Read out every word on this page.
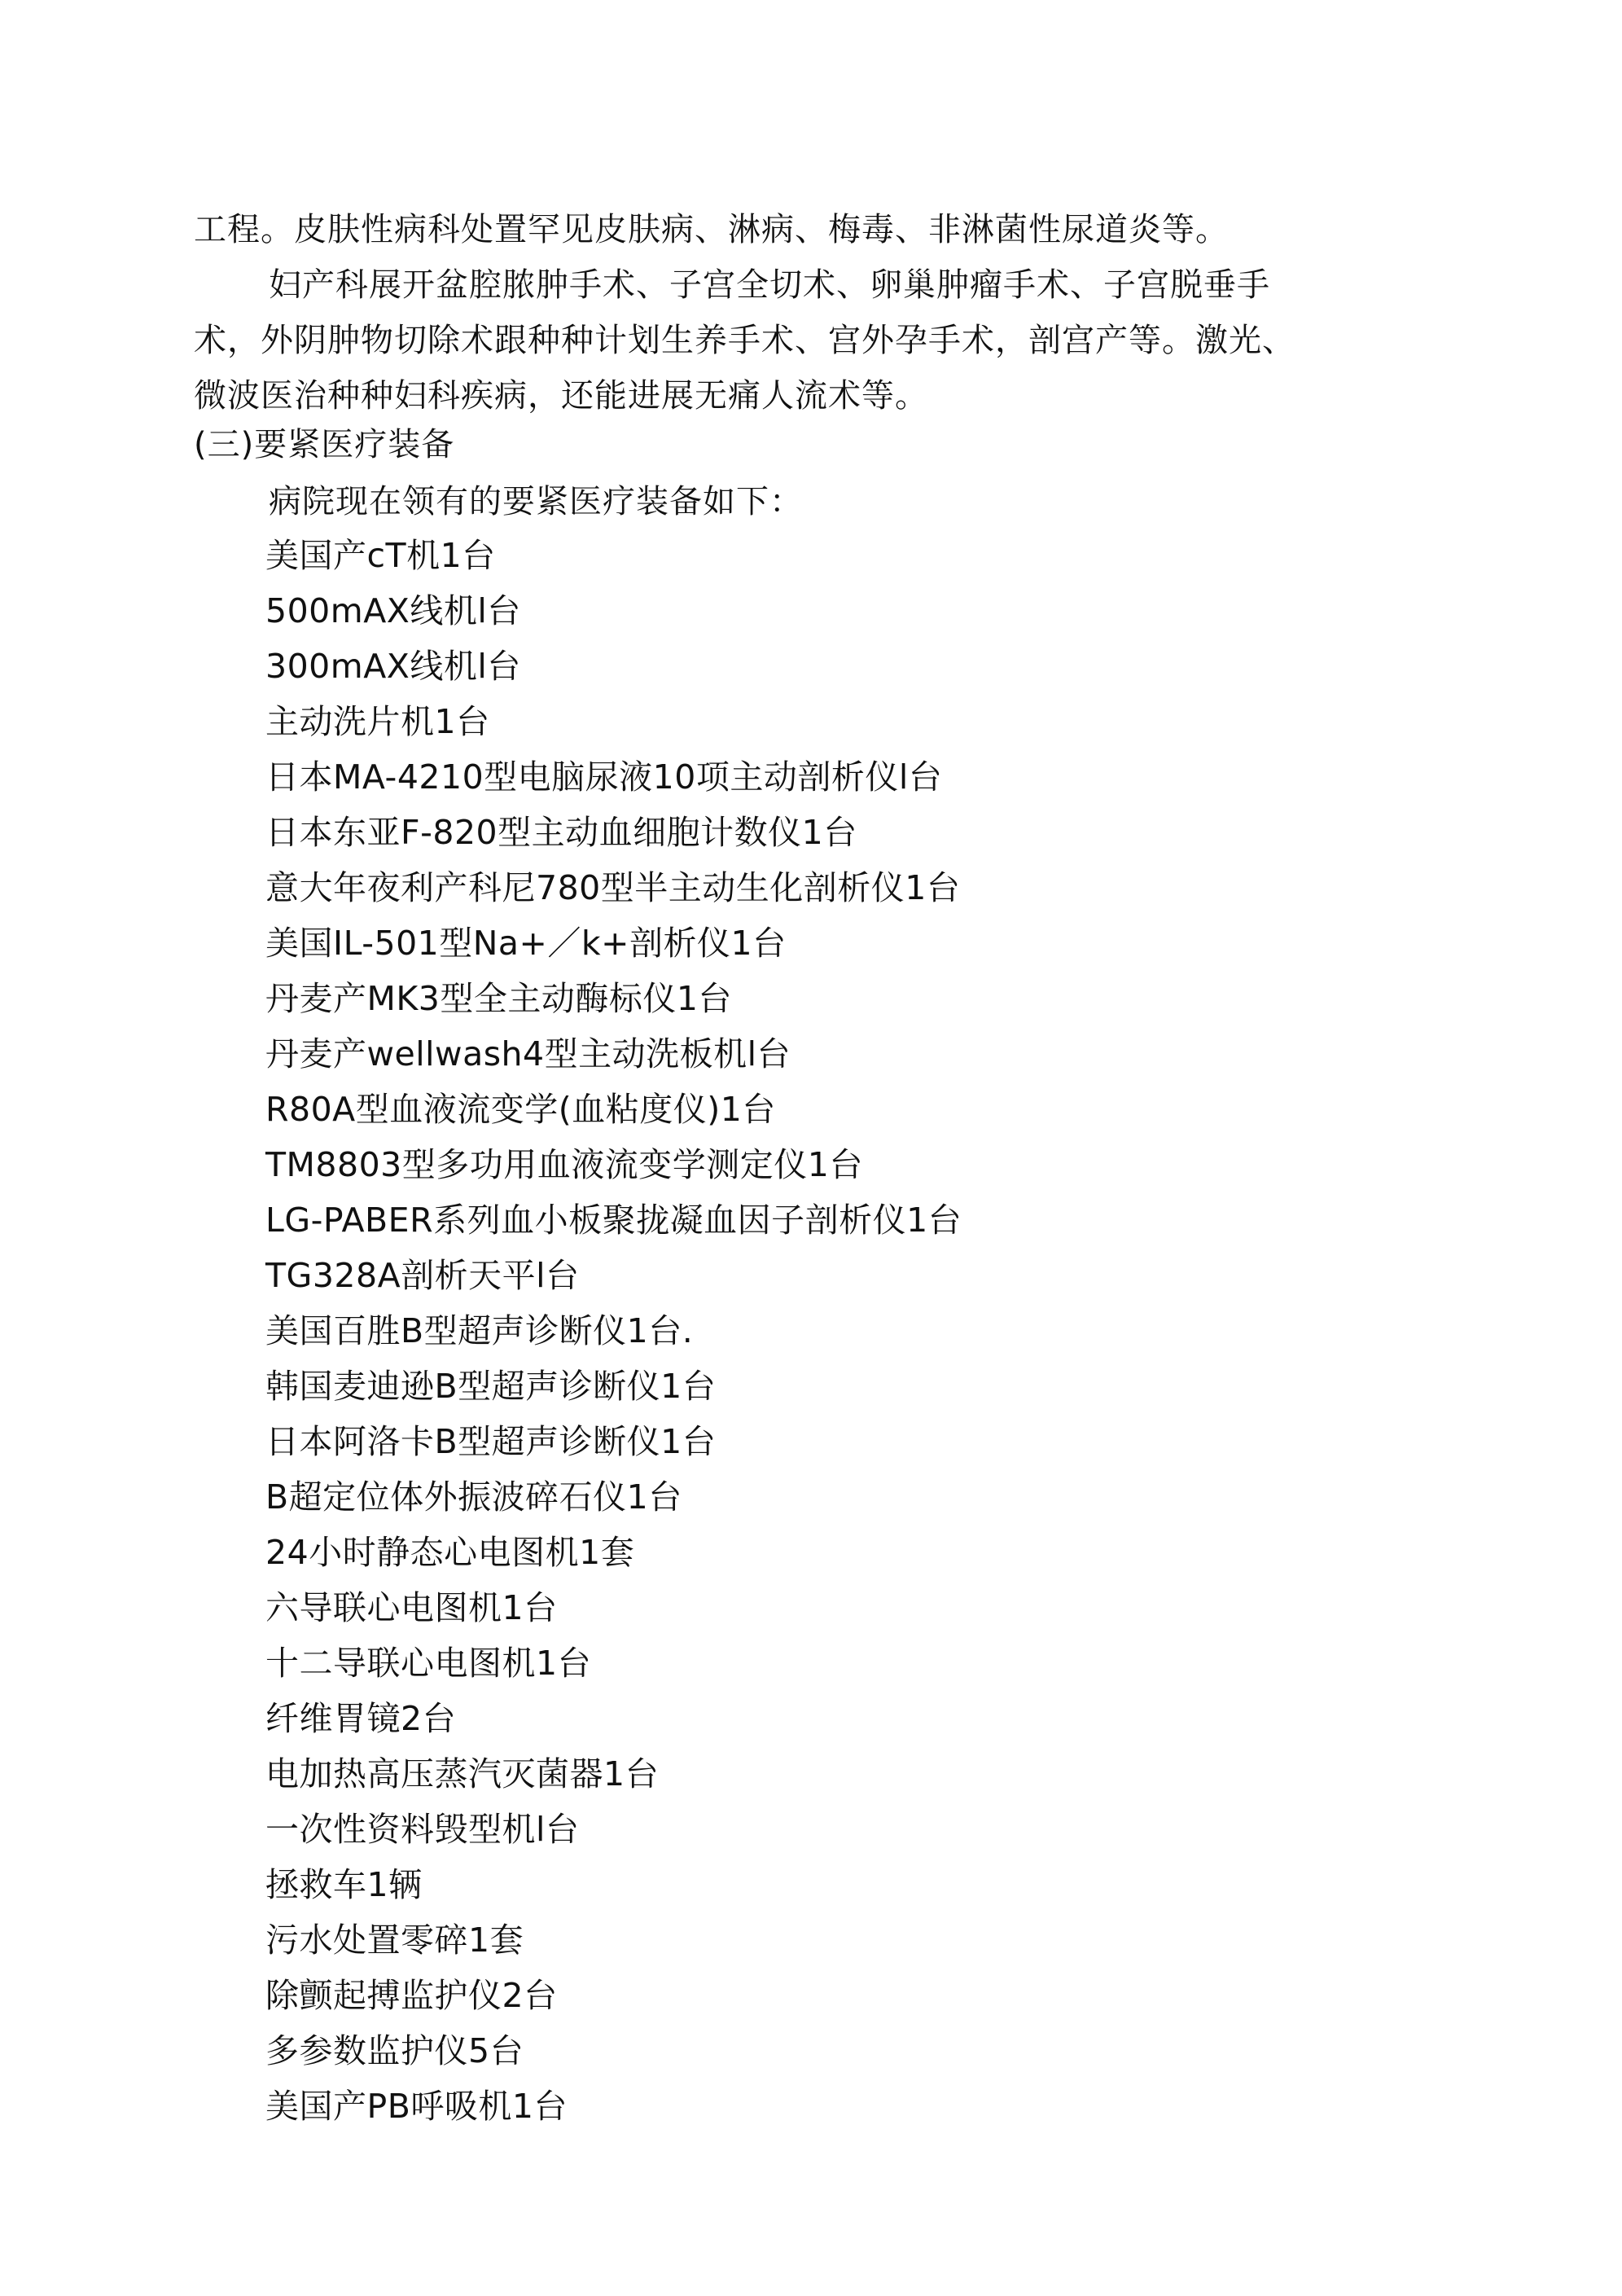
工程。皮肤性病科处置罕见皮肤病、淋病、梅毒、非淋菌性尿道炎等。
妇产科展开盆腔脓肿手术、子宫全切术、卵巢肿瘤手术、子宫脱垂手
术，外阴肿物切除术跟种种计划生养手术、宫外孕手术，剖宫产等。激光、
微波医治种种妇科疾病，还能进展无痛人流术等。
(三)要紧医疗装备
病院现在领有的要紧医疗装备如下：
美国产cT机1台
500mAX线机l台
300mAX线机l台
主动洗片机1台
日本MA-4210型电脑尿液10项主动剖析仪l台
日本东亚F-820型主动血细胞计数仪1台
意大年夜利产科尼780型半主动生化剖析仪1台
美国IL-501型Na+／k+剖析仪1台
丹麦产MK3型全主动酶标仪1台
丹麦产wellwash4型主动洗板机l台
R80A型血液流变学(血粘度仪)1台
TM8803型多功用血液流变学测定仪1台
LG-PABER系列血小板聚拢凝血因子剖析仪1台
TG328A剖析天平l台
美国百胜B型超声诊断仪1台.
韩国麦迪逊B型超声诊断仪1台
日本阿洛卡B型超声诊断仪1台
B超定位体外振波碎石仪1台
24小时静态心电图机1套
六导联心电图机1台
十二导联心电图机1台
纤维胃镜2台
电加热高压蒸汽灭菌器1台
一次性资料毁型机l台
拯救车1辆
污水处置零碎1套
除颤起搏监护仪2台
多参数监护仪5台
美国产PB呼吸机1台
